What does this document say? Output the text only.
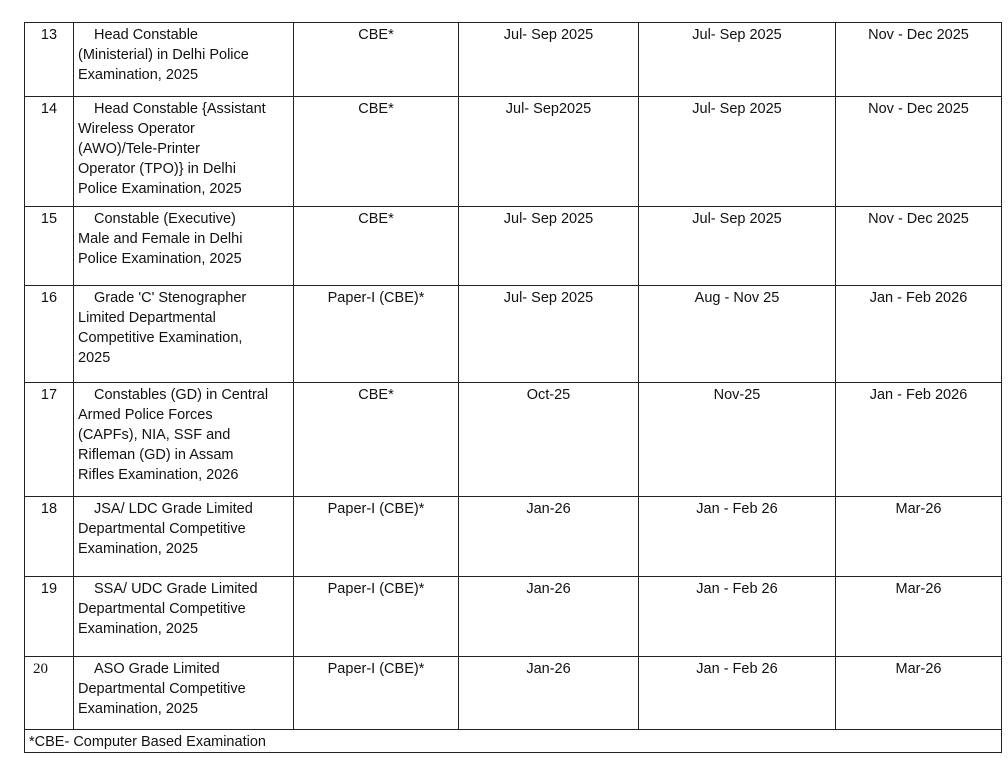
13	Head Constable
(Ministerial) in Delhi Police
Examination, 2025	CBE*	Jul- Sep 2025	Jul- Sep 2025	Nov - Dec 2025
14	Head Constable {Assistant
Wireless Operator
(AWO)/Tele-Printer
Operator (TPO)} in Delhi
Police Examination, 2025	CBE*	Jul- Sep2025	Jul- Sep 2025	Nov - Dec 2025
15	Constable (Executive)
Male and Female in Delhi
Police Examination, 2025	CBE*	Jul- Sep 2025	Jul- Sep 2025	Nov - Dec 2025
16	Grade 'C' Stenographer
Limited Departmental
Competitive Examination,
2025	Paper-I (CBE)*	Jul- Sep 2025	Aug - Nov 25	Jan - Feb 2026
17	Constables (GD) in Central
Armed Police Forces
(CAPFs), NIA, SSF and
Rifleman (GD) in Assam
Rifles Examination, 2026	CBE*	Oct-25	Nov-25	Jan - Feb 2026
18	JSA/ LDC Grade Limited
Departmental Competitive
Examination, 2025	Paper-I (CBE)*	Jan-26	Jan - Feb 26	Mar-26
19	SSA/ UDC Grade Limited
Departmental Competitive
Examination, 2025	Paper-I (CBE)*	Jan-26	Jan - Feb 26	Mar-26
20	ASO Grade Limited
Departmental Competitive
Examination, 2025	Paper-I (CBE)*	Jan-26	Jan - Feb 26	Mar-26
*CBE- Computer Based Examination					
